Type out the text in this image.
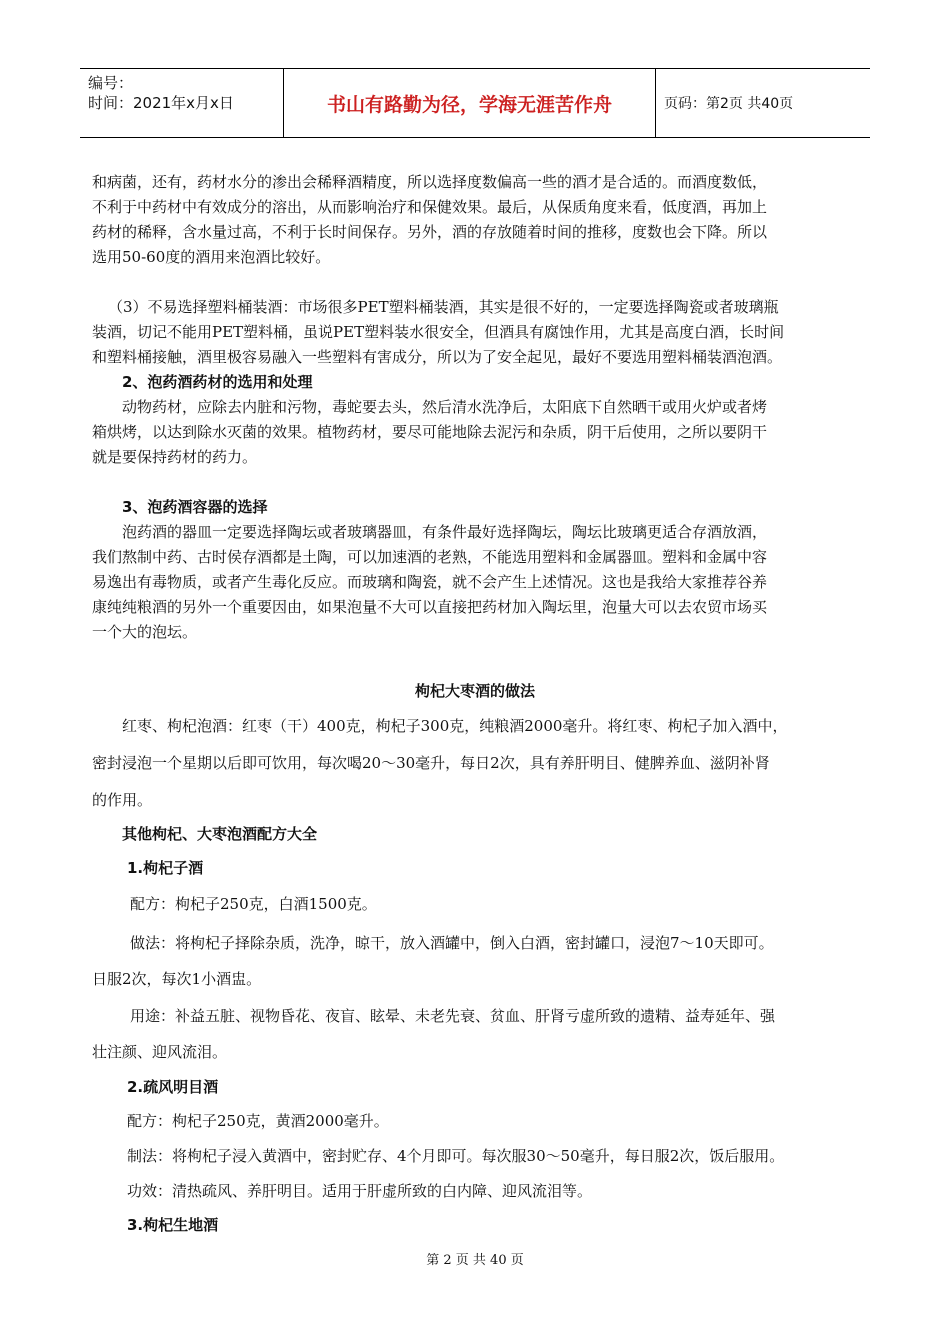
编号：
时间：2021年x月x日	书山有路勤为径，学海无涯苦作舟	页码：第2页 共40页
和病菌，还有，药材水分的渗出会稀释酒精度，所以选择度数偏高一些的酒才是合适的。而酒度数低，
不利于中药材中有效成分的溶出，从而影响治疗和保健效果。最后，从保质角度来看，低度酒，再加上
药材的稀释，含水量过高，不利于长时间保存。另外，酒的存放随着时间的推移，度数也会下降。所以
选用50-60度的酒用来泡酒比较好。
（3）不易选择塑料桶装酒：市场很多PET塑料桶装酒，其实是很不好的，一定要选择陶瓷或者玻璃瓶
装酒，切记不能用PET塑料桶，虽说PET塑料装水很安全，但酒具有腐蚀作用，尤其是高度白酒，长时间
和塑料桶接触，酒里极容易融入一些塑料有害成分，所以为了安全起见，最好不要选用塑料桶装酒泡酒。
2、泡药酒药材的选用和处理
动物药材，应除去内脏和污物，毒蛇要去头，然后清水洗净后，太阳底下自然晒干或用火炉或者烤
箱烘烤，以达到除水灭菌的效果。植物药材，要尽可能地除去泥污和杂质，阴干后使用，之所以要阴干
就是要保持药材的药力。
3、泡药酒容器的选择
泡药酒的器皿一定要选择陶坛或者玻璃器皿，有条件最好选择陶坛，陶坛比玻璃更适合存酒放酒，
我们熬制中药、古时侯存酒都是土陶，可以加速酒的老熟，不能选用塑料和金属器皿。塑料和金属中容
易逸出有毒物质，或者产生毒化反应。而玻璃和陶瓷，就不会产生上述情况。这也是我给大家推荐谷养
康纯纯粮酒的另外一个重要因由，如果泡量不大可以直接把药材加入陶坛里，泡量大可以去农贸市场买
一个大的泡坛。
枸杞大枣酒的做法
红枣、枸杞泡酒：红枣（干）400克，枸杞子300克，纯粮酒2000毫升。将红枣、枸杞子加入酒中，
密封浸泡一个星期以后即可饮用，每次喝20～30毫升，每日2次，具有养肝明目、健脾养血、滋阴补肾
的作用。
其他枸杞、大枣泡酒配方大全
1.枸杞子酒
配方：枸杞子250克，白酒1500克。
做法：将枸杞子择除杂质，洗净，晾干，放入酒罐中，倒入白酒，密封罐口，浸泡7～10天即可。
日服2次，每次1小酒盅。
用途：补益五脏、视物昏花、夜盲、眩晕、未老先衰、贫血、肝肾亏虚所致的遗精、益寿延年、强
壮注颜、迎风流泪。
2.疏风明目酒
配方：枸杞子250克，黄酒2000毫升。
制法：将枸杞子浸入黄酒中，密封贮存、4个月即可。每次服30～50毫升，每日服2次，饭后服用。
功效：清热疏风、养肝明目。适用于肝虚所致的白内障、迎风流泪等。
3.枸杞生地酒
第 2 页 共 40 页
